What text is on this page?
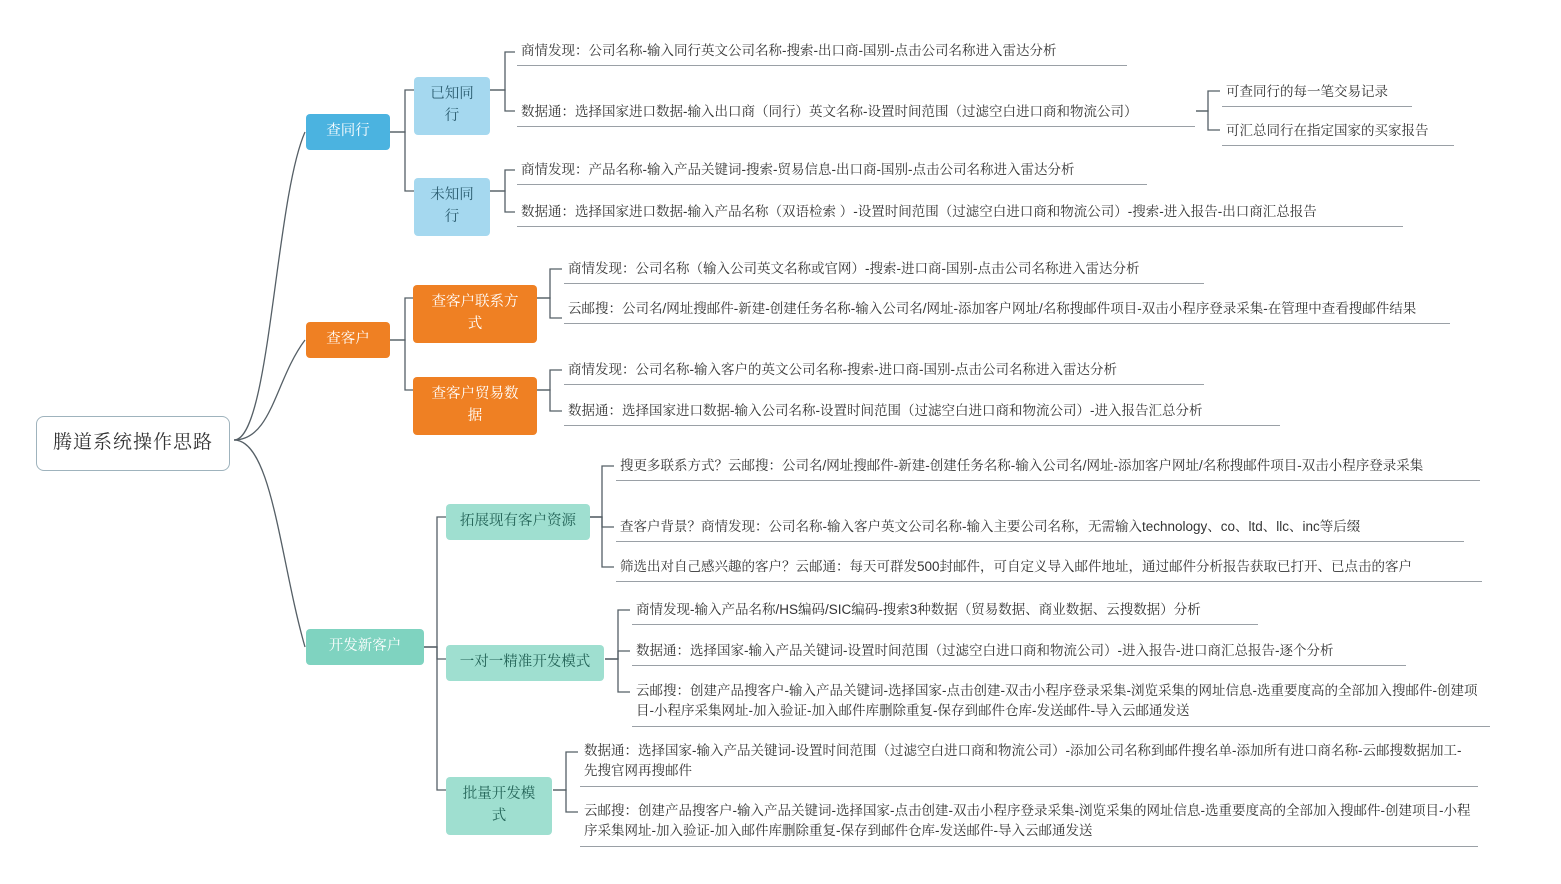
腾道系统操作思路
查同行
已知同行
商情发现：公司名称-输入同行英文公司名称-搜索-出口商-国别-点击公司名称进入雷达分析
数据通：选择国家进口数据-输入出口商（同行）英文名称-设置时间范围（过滤空白进口商和物流公司）
可查同行的每一笔交易记录
可汇总同行在指定国家的买家报告
未知同行
商情发现：产品名称-输入产品关键词-搜索-贸易信息-出口商-国别-点击公司名称进入雷达分析
数据通：选择国家进口数据-输入产品名称（双语检索 ）-设置时间范围（过滤空白进口商和物流公司）-搜索-进入报告-出口商汇总报告
查客户
查客户联系方式
商情发现：公司名称（输入公司英文名称或官网）-搜索-进口商-国别-点击公司名称进入雷达分析
云邮搜：公司名/网址搜邮件-新建-创建任务名称-输入公司名/网址-添加客户网址/名称搜邮件项目-双击小程序登录采集-在管理中查看搜邮件结果
查客户贸易数据
商情发现：公司名称-输入客户的英文公司名称-搜索-进口商-国别-点击公司名称进入雷达分析
数据通：选择国家进口数据-输入公司名称-设置时间范围（过滤空白进口商和物流公司）-进入报告汇总分析
开发新客户
拓展现有客户资源
搜更多联系方式？云邮搜：公司名/网址搜邮件-新建-创建任务名称-输入公司名/网址-添加客户网址/名称搜邮件项目-双击小程序登录采集
查客户背景？商情发现：公司名称-输入客户英文公司名称-输入主要公司名称，无需输入technology、co、ltd、llc、inc等后缀
筛选出对自己感兴趣的客户？云邮通：每天可群发500封邮件，可自定义导入邮件地址，通过邮件分析报告获取已打开、已点击的客户
一对一精准开发模式
商情发现-输入产品名称/HS编码/SIC编码-搜索3种数据（贸易数据、商业数据、云搜数据）分析
数据通：选择国家-输入产品关键词-设置时间范围（过滤空白进口商和物流公司）-进入报告-进口商汇总报告-逐个分析
云邮搜：创建产品搜客户-输入产品关键词-选择国家-点击创建-双击小程序登录采集-浏览采集的网址信息-选重要度高的全部加入搜邮件-创建项目-小程序采集网址-加入验证-加入邮件库删除重复-保存到邮件仓库-发送邮件-导入云邮通发送
批量开发模式
数据通：选择国家-输入产品关键词-设置时间范围（过滤空白进口商和物流公司）-添加公司名称到邮件搜名单-添加所有进口商名称-云邮搜数据加工-先搜官网再搜邮件
云邮搜：创建产品搜客户-输入产品关键词-选择国家-点击创建-双击小程序登录采集-浏览采集的网址信息-选重要度高的全部加入搜邮件-创建项目-小程序采集网址-加入验证-加入邮件库删除重复-保存到邮件仓库-发送邮件-导入云邮通发送
